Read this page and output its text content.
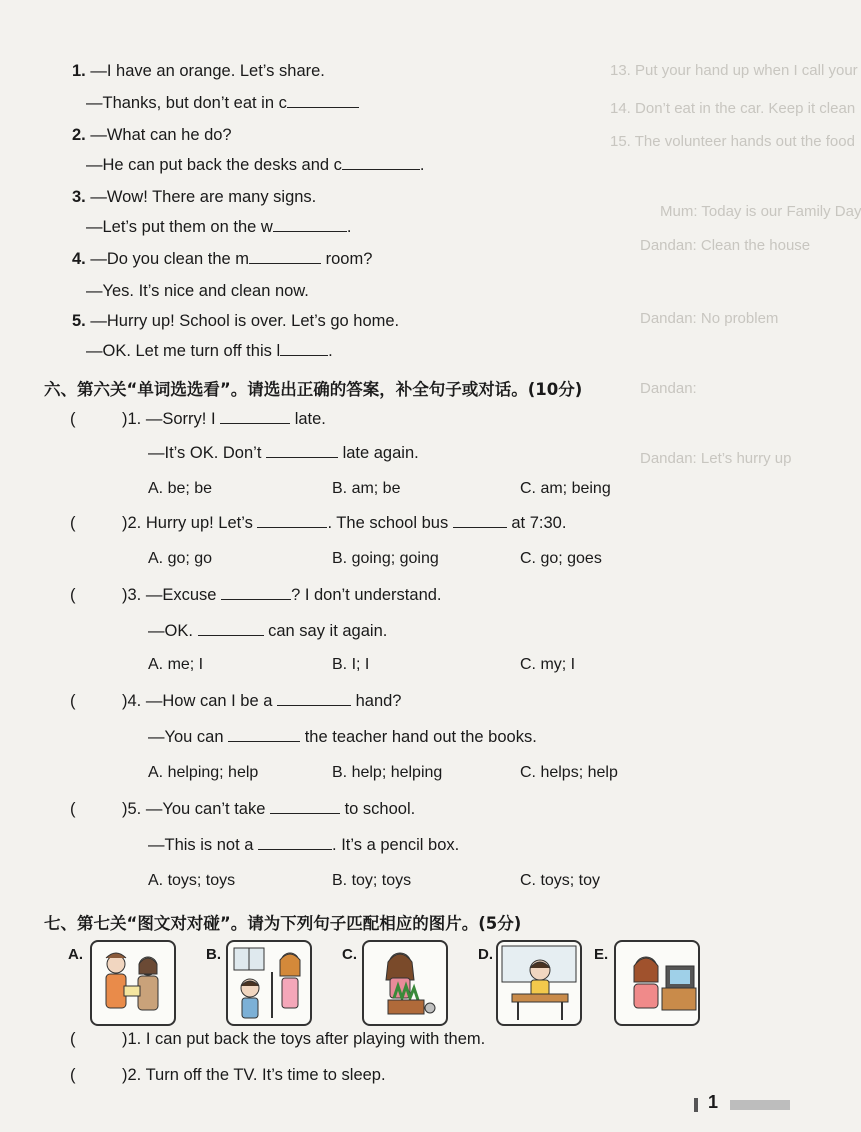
13. Put your hand up when I call your
14. Don’t eat in the car. Keep it clean
15. The volunteer hands out the food
Mum: Today is our Family Day
Dandan: Clean the house
Dandan: No problem
Dandan:
Dandan: Let’s hurry up
1. —I have an orange. Let’s share.
—Thanks, but don’t eat in c
2. —What can he do?
—He can put back the desks and c	.
3. —Wow! There are many signs.
—Let’s put them on the w	.
4. —Do you clean the m	room?
—Yes. It’s nice and clean now.
5. —Hurry up! School is over. Let’s go home.
—OK. Let me turn off this l	.
六、第六关“单词选选看”。请选出正确的答案，补全句子或对话。(10分)
(	)1. —Sorry! I	late.
—It’s OK. Don’t	late again.
A. be; be	B. am; be	C. am; being
(	)2. Hurry up! Let’s	. The school bus	at 7:30.
A. go; go	B. going; going	C. go; goes
(	)3. —Excuse	? I don’t understand.
—OK.	can say it again.
A. me; I	B. I; I	C. my; I
(	)4. —How can I be a	hand?
—You can	the teacher hand out the books.
A. helping; help	B. help; helping	C. helps; help
(	)5. —You can’t take	to school.
—This is not a	. It’s a pencil box.
A. toys; toys	B. toy; toys	C. toys; toy
七、第七关“图文对对碰”。请为下列句子匹配相应的图片。(5分)
A.	B.	C.	D.	E.
(	)1. I can put back the toys after playing with them.
(	)2. Turn off the TV. It’s time to sleep.
1
